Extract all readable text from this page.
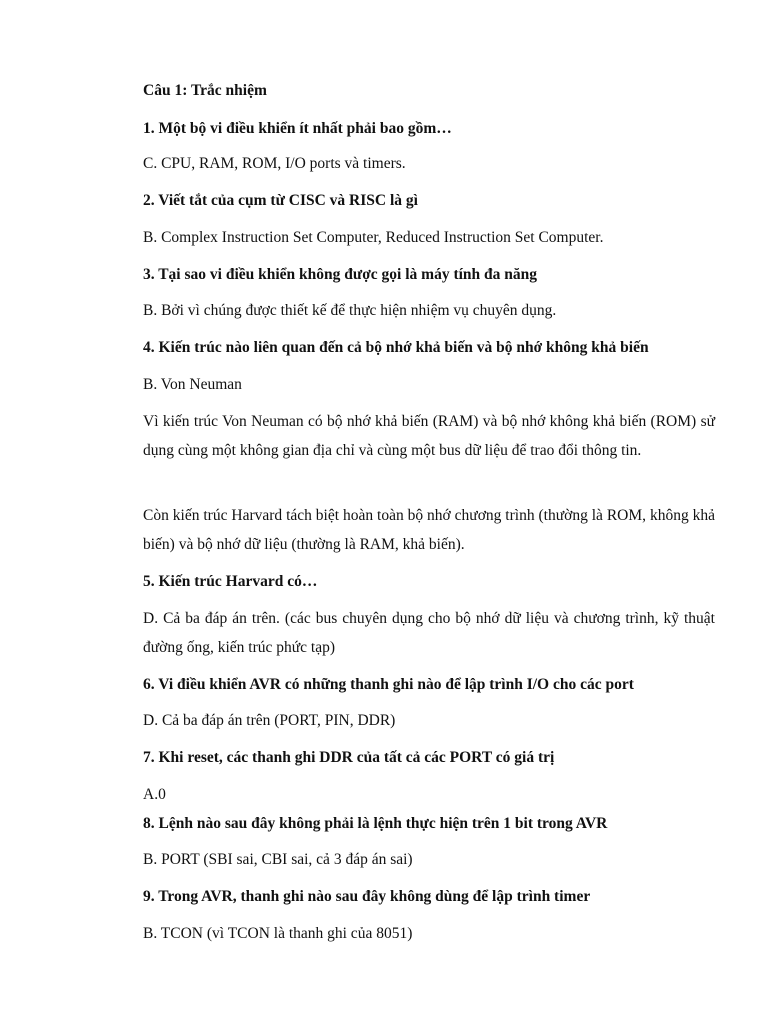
Câu 1: Trắc nhiệm
1. Một bộ vi điều khiển ít nhất phải bao gồm…
C. CPU, RAM, ROM, I/O ports và timers.
2. Viết tắt của cụm từ CISC và RISC là gì
B. Complex Instruction Set Computer, Reduced Instruction Set Computer.
3. Tại sao vi điều khiển không được gọi là máy tính đa năng
B. Bởi vì chúng được thiết kế để thực hiện nhiệm vụ chuyên dụng.
4. Kiến trúc nào liên quan đến cả bộ nhớ khả biến và bộ nhớ không khả biến
B. Von Neuman
Vì kiến trúc Von Neuman có bộ nhớ khả biến (RAM) và bộ nhớ không khả biến (ROM) sử dụng cùng một không gian địa chỉ và cùng một bus dữ liệu để trao đổi thông tin.
Còn kiến trúc Harvard tách biệt hoàn toàn bộ nhớ chương trình (thường là ROM, không khả biến) và bộ nhớ dữ liệu (thường là RAM, khả biến).
5. Kiến trúc Harvard có…
D. Cả ba đáp án trên. (các bus chuyên dụng cho bộ nhớ dữ liệu và chương trình, kỹ thuật đường ống, kiến trúc phức tạp)
6. Vi điều khiển AVR có những thanh ghi nào để lập trình I/O cho các port
D. Cả ba đáp án trên (PORT, PIN, DDR)
7. Khi reset, các thanh ghi DDR của tất cả các PORT có giá trị
A.0
8. Lệnh nào sau đây không phải là lệnh thực hiện trên 1 bit trong AVR
B. PORT (SBI sai, CBI sai, cả 3 đáp án sai)
9. Trong AVR, thanh ghi nào sau đây không dùng để lập trình timer
B. TCON (vì TCON là thanh ghi của 8051)
